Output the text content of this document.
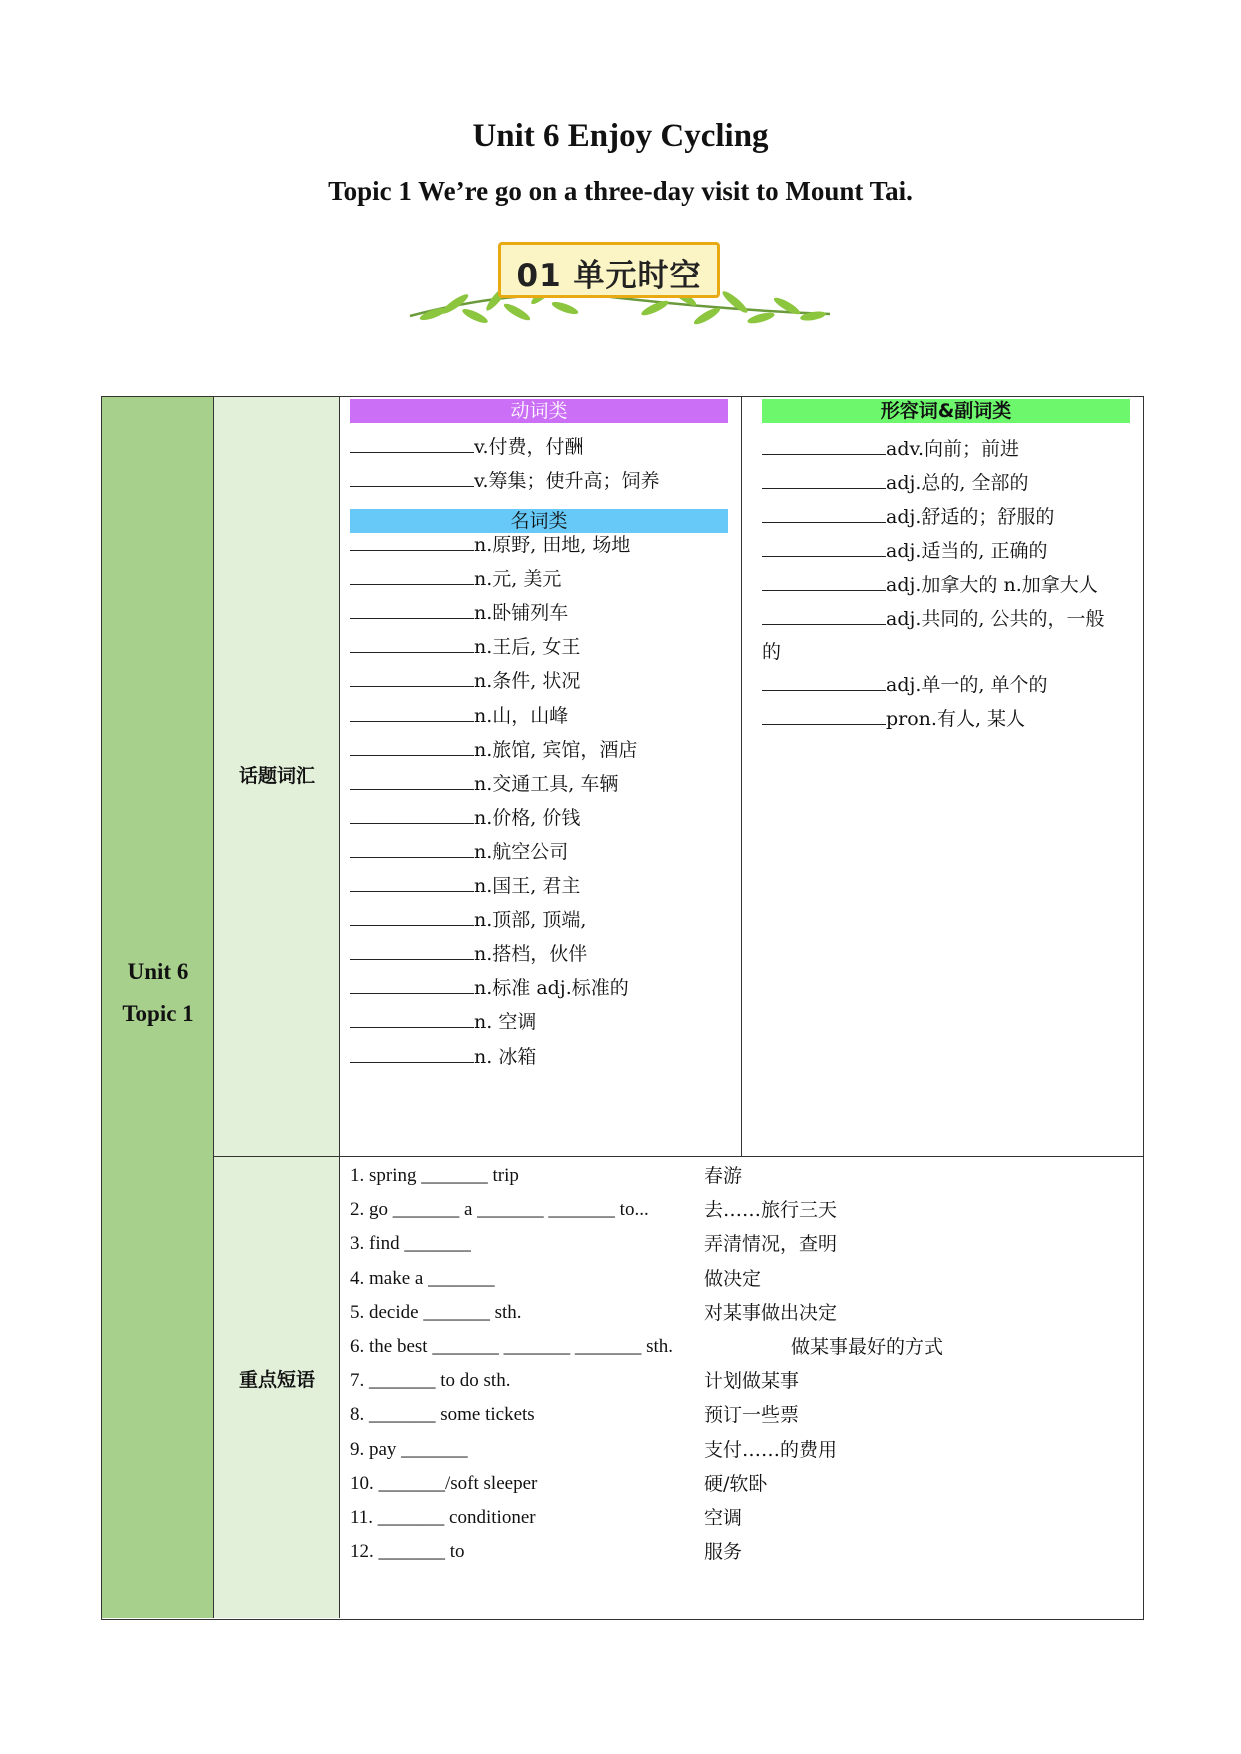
Unit 6 Enjoy Cycling
Topic 1 We’re go on a three-day visit to Mount Tai.
01 单元时空
Unit 6
Topic 1
话题词汇
重点短语
动词类
名词类
v.付费，付酬
v.筹集；使升高；饲养
n.原野, 田地, 场地
n.元, 美元
n.卧铺列车
n.王后, 女王
n.条件, 状况
n.山，山峰
n.旅馆, 宾馆，酒店
n.交通工具, 车辆
n.价格, 价钱
n.航空公司
n.国王, 君主
n.顶部, 顶端,
n.搭档，伙伴
n.标准 adj.标准的
n. 空调
n. 冰箱
形容词&副词类
adv.向前；前进
adj.总的, 全部的
adj.舒适的；舒服的
adj.适当的, 正确的
adj.加拿大的 n.加拿大人
adj.共同的, 公共的，一般
adj.单一的, 单个的
pron.有人, 某人
的
1. spring _______ trip	春游
2. go _______ a _______ _______ to...	去……旅行三天
3. find _______	弄清情况，查明
4. make a _______	做决定
5. decide _______ sth.	对某事做出决定
6. the best _______ _______ _______ sth.	做某事最好的方式
7. _______ to do sth.	计划做某事
8. _______ some tickets	预订一些票
9. pay _______	支付……的费用
10. _______/soft sleeper	硬/软卧
11. _______ conditioner	空调
12. _______ to	服务
